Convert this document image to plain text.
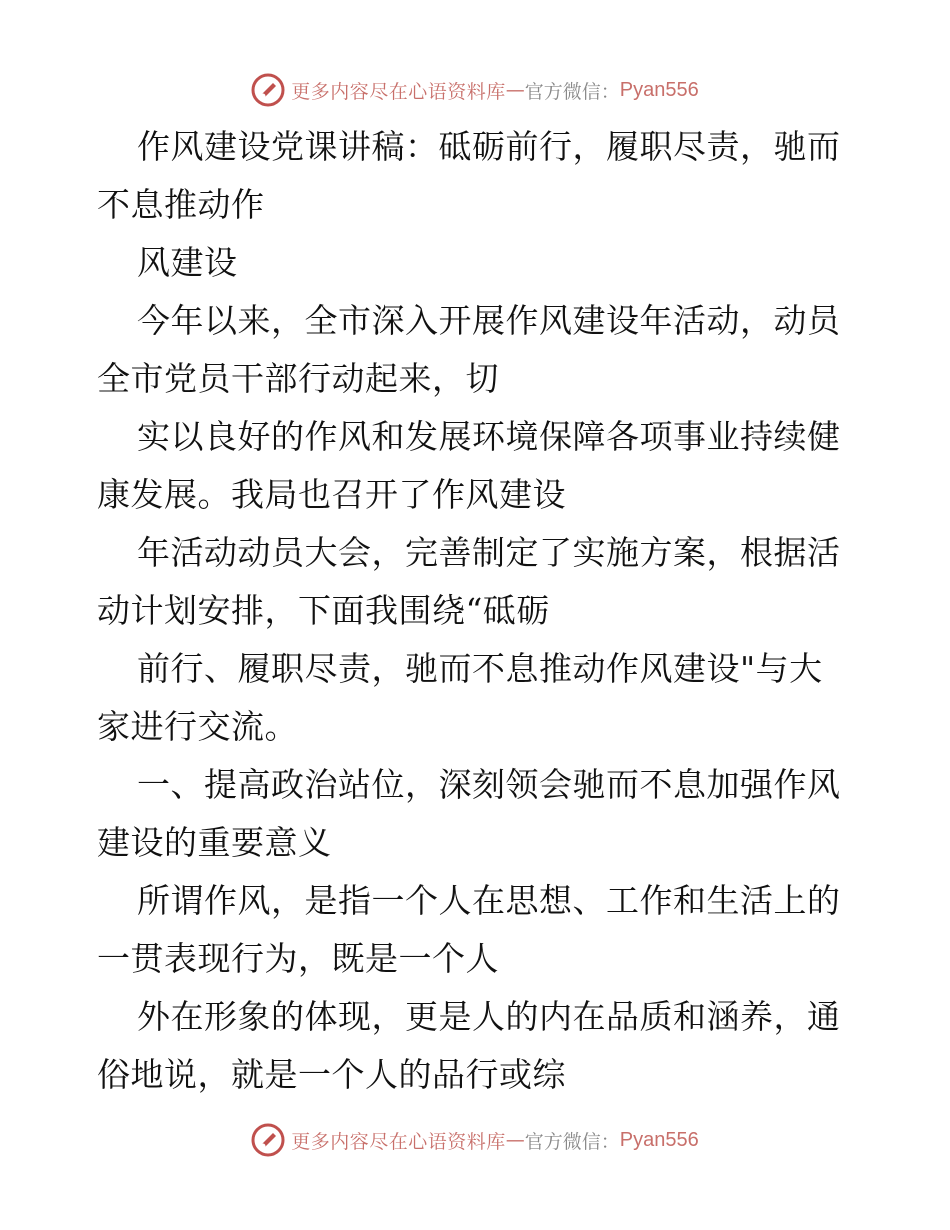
更多内容尽在心语资料库 — 官方微信： Pyan556

作风建设党课讲稿：砥砺前行，履职尽责，驰而

不息推动作

风建设

今年以来，全市深入开展作风建设年活动，动员

全市党员干部行动起来，切

实以良好的作风和发展环境保障各项事业持续健

康发展。我局也召开了作风建设

年活动动员大会，完善制定了实施方案，根据活

动计划安排，下面我围绕“砥砺

前行、履职尽责，驰而不息推动作风建设"与大

家进行交流。

一、提高政治站位，深刻领会驰而不息加强作风

建设的重要意义

所谓作风，是指一个人在思想、工作和生活上的

一贯表现行为，既是一个人

外在形象的体现，更是人的内在品质和涵养，通

俗地说，就是一个人的品行或综

更多内容尽在心语资料库 — 官方微信： Pyan556
